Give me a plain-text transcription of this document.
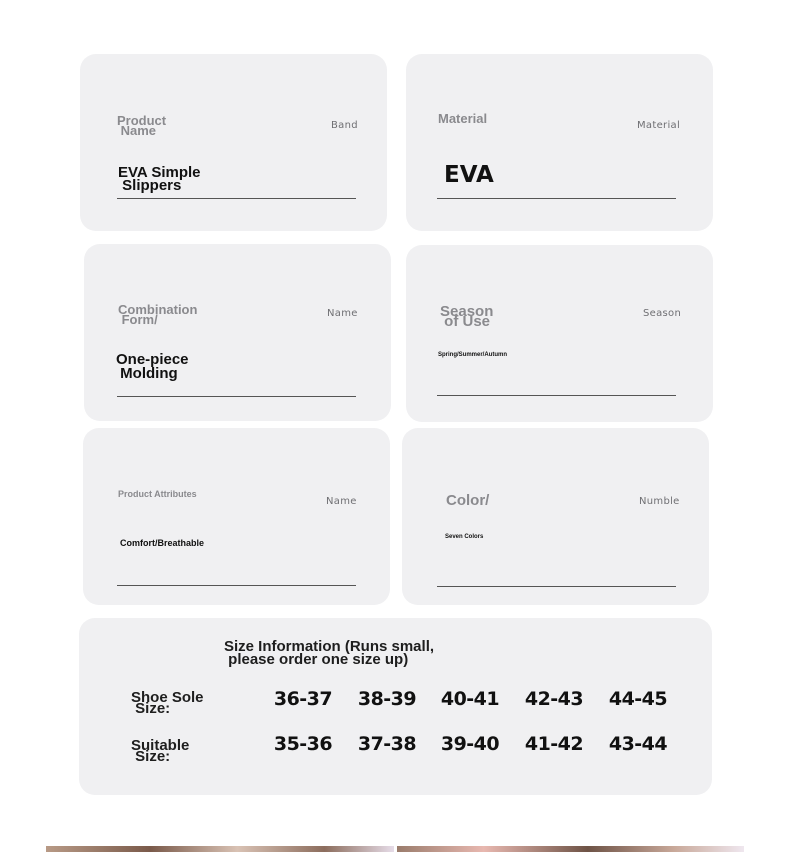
Product
Name	Band
EVA Simple
Slippers
Material	Material
EVA
Combination
Form/	Name
One-piece
Molding
Season
of Use	Season
Spring/Summer/Autumn
Product Attributes
Name
Comfort/Breathable
Color/	Numble
Seven Colors
Size Information (Runs small,
please order one size up)
Shoe Sole
Size:	36-37 38-39 40-41 42-43 44-45
Suitable
Size:
35-36 37-38 39-40 41-42 43-44
